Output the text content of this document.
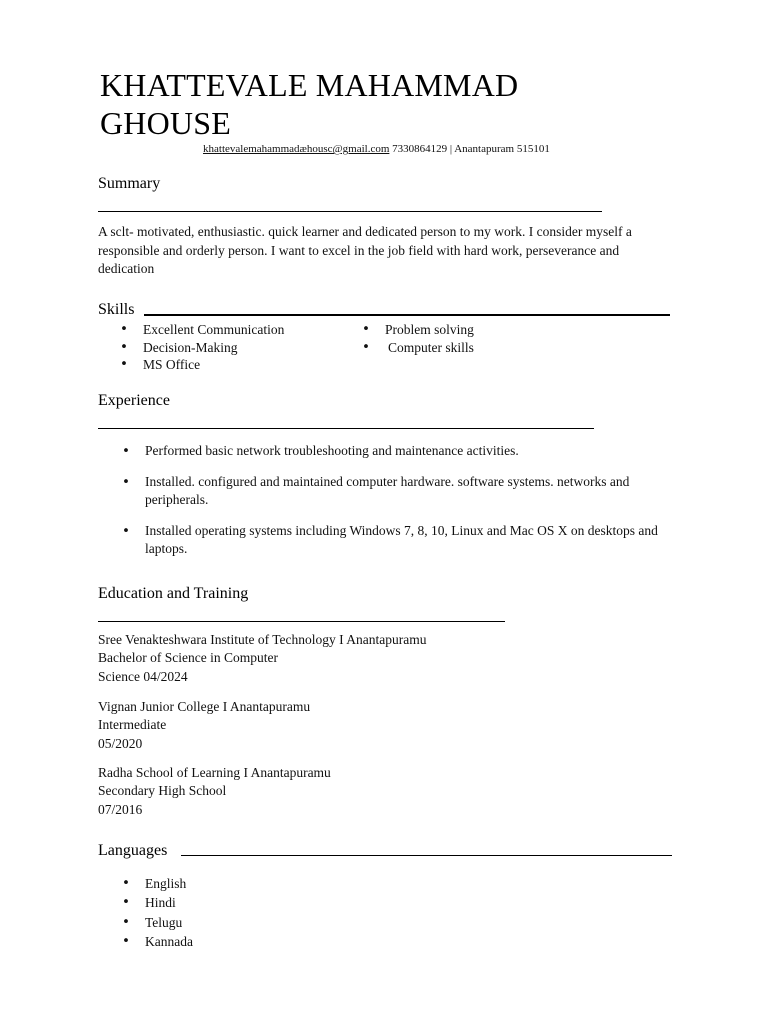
KHATTEVALE MAHAMMAD GHOUSE
khattevalemahammadæhousc@gmail.com 7330864129 | Anantapuram 515101
Summary

A sclt- motivated, enthusiastic. quick learner and dedicated person to my work. I consider myself a responsible and orderly person. I want to excel in the job field with hard work, perseverance and dedication

Skills
• Excellent Communication
• Decision-Making
• MS Office
• Problem solving
• Computer skills
Experience
• Performed basic network troubleshooting and maintenance activities.
• Installed. configured and maintained computer hardware. software systems. networks and peripherals.
• Installed operating systems including Windows 7, 8, 10, Linux and Mac OS X on desktops and laptops.
Education and Training
Sree Venakteshwara Institute of Technology I Anantapuramu
Bachelor of Science in Computer
Science 04/2024
Vignan Junior College I Anantapuramu
Intermediate
05/2020
Radha School of Learning I Anantapuramu
Secondary High School
07/2016
Languages
• English
• Hindi
• Telugu
• Kannada
